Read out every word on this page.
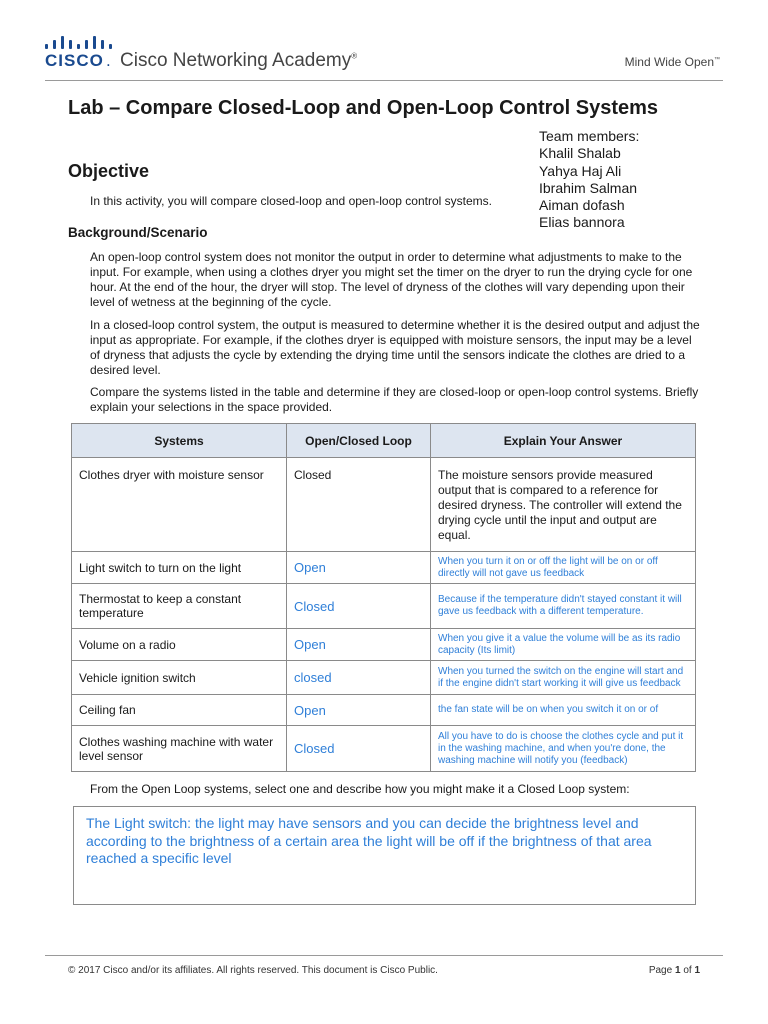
CISCO . Cisco Networking Academy®	Mind Wide Open™
Lab – Compare Closed-Loop and Open-Loop Control Systems
Team members:
Khalil Shalab
Yahya Haj Ali
Ibrahim Salman
Aiman dofash
Elias bannora
Objective
In this activity, you will compare closed-loop and open-loop control systems.
Background/Scenario
An open-loop control system does not monitor the output in order to determine what adjustments to make to the input. For example, when using a clothes dryer you might set the timer on the dryer to run the drying cycle for one hour. At the end of the hour, the dryer will stop. The level of dryness of the clothes will vary depending upon their level of wetness at the beginning of the cycle.
In a closed-loop control system, the output is measured to determine whether it is the desired output and adjust the input as appropriate. For example, if the clothes dryer is equipped with moisture sensors, the input may be a level of dryness that adjusts the cycle by extending the drying time until the sensors indicate the clothes are dried to a desired level.
Compare the systems listed in the table and determine if they are closed-loop or open-loop control systems. Briefly explain your selections in the space provided.
Systems	Open/Closed Loop	Explain Your Answer
Clothes dryer with moisture sensor	Closed	The moisture sensors provide measured output that is compared to a reference for desired dryness. The controller will extend the drying cycle until the input and output are equal.
Light switch to turn on the light	Open	When you turn it on or off the light will be on or off directly will not gave us feedback
Thermostat to keep a constant temperature	Closed	Because if the temperature didn't stayed constant it will gave us feedback with a different temperature.
Volume on a radio	Open	When you give it a value the volume will be as its radio capacity (Its limit)
Vehicle ignition switch	closed	When you turned the switch on the engine will start and if the engine didn't start working it will give us feedback
Ceiling fan	Open	the fan state will be on when you switch it on or of
Clothes washing machine with water level sensor	Closed	All you have to do is choose the clothes cycle and put it in the washing machine, and when you're done, the washing machine will notify you (feedback)
From the Open Loop systems, select one and describe how you might make it a Closed Loop system:
The Light switch: the light may have sensors and you can decide the brightness level and according to the brightness of a certain area the light will be off if the brightness of that area reached a specific level
© 2017 Cisco and/or its affiliates. All rights reserved. This document is Cisco Public.	Page 1 of 1
